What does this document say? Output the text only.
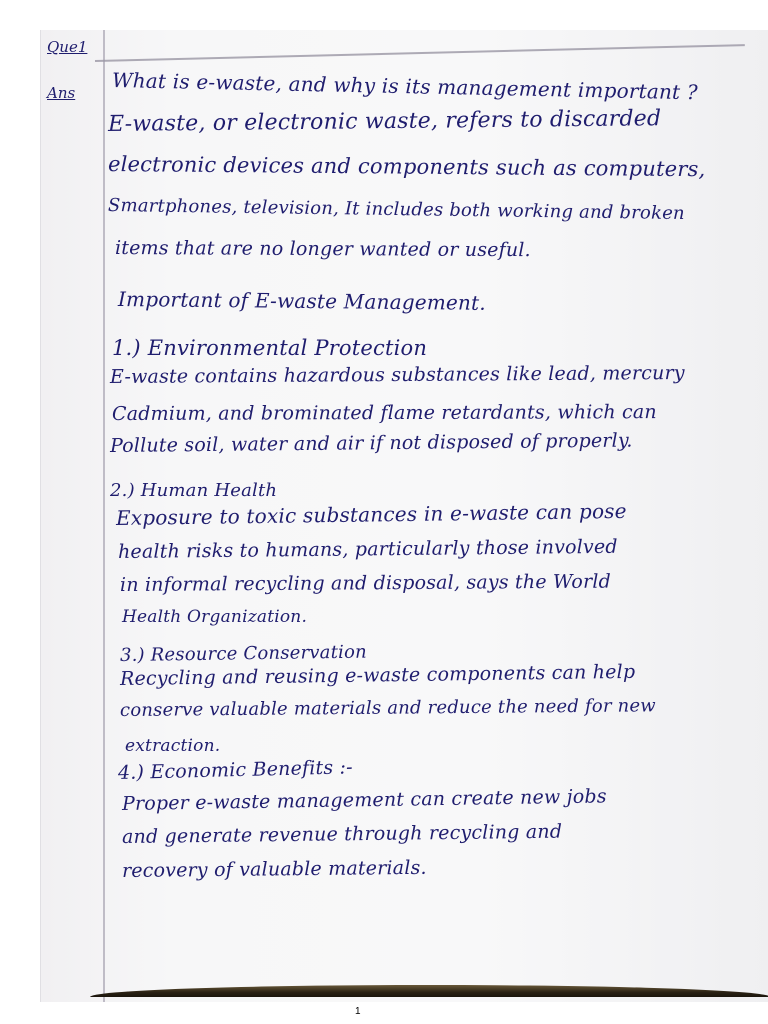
Que1
Ans What is e-waste, and why is its management important ?
E-waste, or electronic waste, refers to discarded
electronic devices and components such as computers,
Smartphones, television, It includes both working and broken
items that are no longer wanted or useful.
Important of E-waste Management.
1.) Environmental Protection
E-waste contains hazardous substances like lead, mercury
Cadmium, and brominated flame retardants, which can
Pollute soil, water and air if not disposed of properly.
2.) Human Health
Exposure to toxic substances in e-waste can pose
health risks to humans, particularly those involved
in informal recycling and disposal, says the World
Health Organization.
3.) Resource Conservation
Recycling and reusing e-waste components can help
conserve valuable materials and reduce the need for new
extraction.
4.) Economic Benefits :-
Proper e-waste management can create new jobs
and generate revenue through recycling and
recovery of valuable materials.
1
